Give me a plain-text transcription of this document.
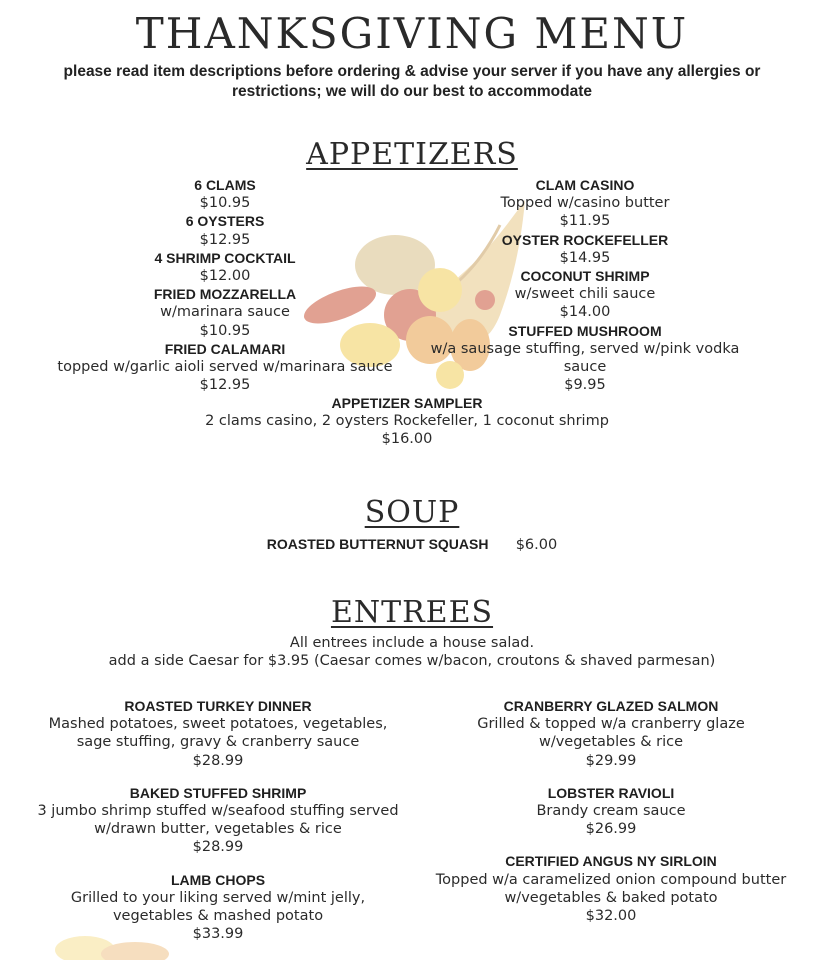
THANKSGIVING MENU
please read item descriptions before ordering & advise your server if you have any allergies or restrictions; we will do our best to accommodate
APPETIZERS
6 CLAMS
$10.95
6 OYSTERS
$12.95
4 SHRIMP COCKTAIL
$12.00
FRIED MOZZARELLA
w/marinara sauce
$10.95
FRIED CALAMARI
topped w/garlic aioli served w/marinara sauce
$12.95
CLAM CASINO
Topped w/casino butter
$11.95
OYSTER ROCKEFELLER
$14.95
COCONUT SHRIMP
w/sweet chili sauce
$14.00
STUFFED MUSHROOM
w/a sausage stuffing, served w/pink vodka
sauce
$9.95
APPETIZER SAMPLER
2 clams casino, 2 oysters Rockefeller, 1 coconut shrimp
$16.00
SOUP
ROASTED BUTTERNUT SQUASH $6.00
ENTREES
All entrees include a house salad.
add a side Caesar for $3.95 (Caesar comes w/bacon, croutons & shaved parmesan)
ROASTED TURKEY DINNER
Mashed potatoes, sweet potatoes, vegetables,
sage stuffing, gravy & cranberry sauce
$28.99
BAKED STUFFED SHRIMP
3 jumbo shrimp stuffed w/seafood stuffing served
w/drawn butter, vegetables & rice
$28.99
LAMB CHOPS
Grilled to your liking served w/mint jelly,
vegetables & mashed potato
$33.99
CRANBERRY GLAZED SALMON
Grilled & topped w/a cranberry glaze
w/vegetables & rice
$29.99
LOBSTER RAVIOLI
Brandy cream sauce
$26.99
CERTIFIED ANGUS NY SIRLOIN
Topped w/a caramelized onion compound butter
w/vegetables & baked potato
$32.00
